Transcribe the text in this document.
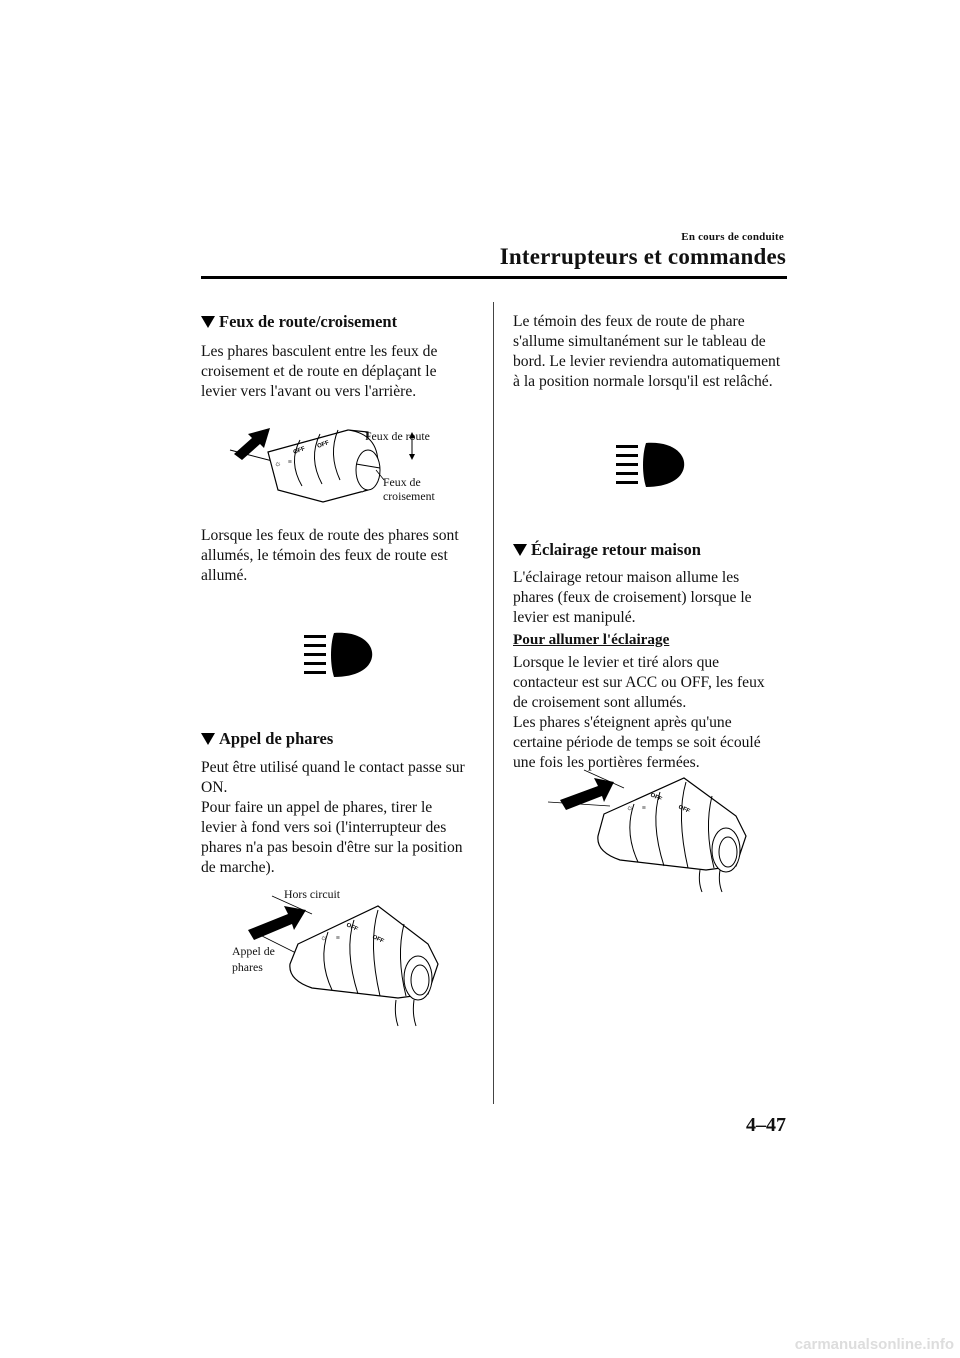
En cours de conduite
Interrupteurs et commandes
Feux de route/croisement

Les phares basculent entre les feux de

croisement et de route en déplaçant le

levier vers l'avant ou vers l'arrière.

OFF
OFF
☼ ≡
Feux de route
Feux de
croisement

Lorsque les feux de route des phares sont

allumés, le témoin des feux de route est

allumé.

Appel de phares

Peut être utilisé quand le contact passe sur

ON.

Pour faire un appel de phares, tirer le

levier à fond vers soi (l'interrupteur des

phares n'a pas besoin d'être sur la position

de marche).

OFF
OFF
☼ ≡
Hors circuit
Appel de
phares

Le témoin des feux de route de phare

s'allume simultanément sur le tableau de

bord. Le levier reviendra automatiquement

à la position normale lorsqu'il est relâché.

Éclairage retour maison

L'éclairage retour maison allume les

phares (feux de croisement) lorsque le

levier est manipulé.

Pour allumer l'éclairage

Lorsque le levier et tiré alors que

contacteur est sur ACC ou OFF, les feux

de croisement sont allumés.

Les phares s'éteignent après qu'une

certaine période de temps se soit écoulé

une fois les portières fermées.

OFF
OFF
☼ ≡
4–47
carmanualsonline.info
